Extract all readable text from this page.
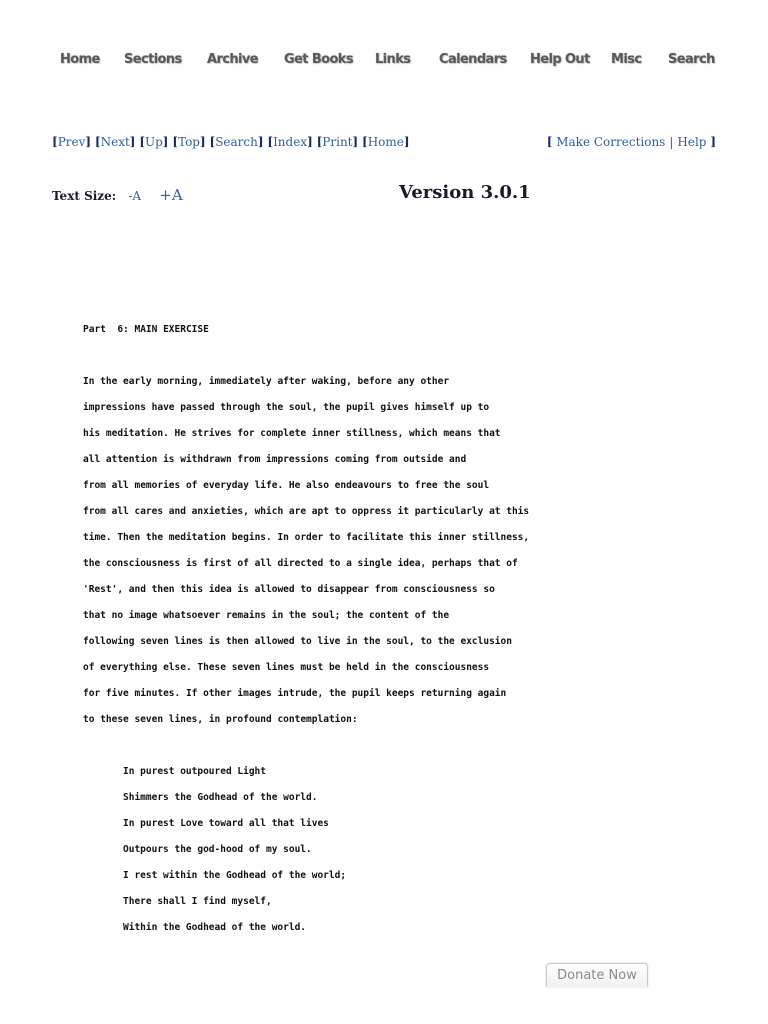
Home Sections Archive Get Books Links Calendars Help Out Misc Search
[Prev] [Next] [Up] [Top] [Search] [Index] [Print] [Home]	[ Make Corrections | Help ]
Text Size: -A +A	Version 3.0.1
Part  6: MAIN EXERCISE
In the early morning, immediately after waking, before any other
impressions have passed through the soul, the pupil gives himself up to
his meditation. He strives for complete inner stillness, which means that
all attention is withdrawn from impressions coming from outside and
from all memories of everyday life. He also endeavours to free the soul
from all cares and anxieties, which are apt to oppress it particularly at this
time. Then the meditation begins. In order to facilitate this inner stillness,
the consciousness is first of all directed to a single idea, perhaps that of
'Rest', and then this idea is allowed to disappear from consciousness so
that no image whatsoever remains in the soul; the content of the
following seven lines is then allowed to live in the soul, to the exclusion
of everything else. These seven lines must be held in the consciousness
for five minutes. If other images intrude, the pupil keeps returning again
to these seven lines, in profound contemplation:
In purest outpoured Light
Shimmers the Godhead of the world.
In purest Love toward all that lives
Outpours the god-hood of my soul.
I rest within the Godhead of the world;
There shall I find myself,
Within the Godhead of the world.
Donate Now
